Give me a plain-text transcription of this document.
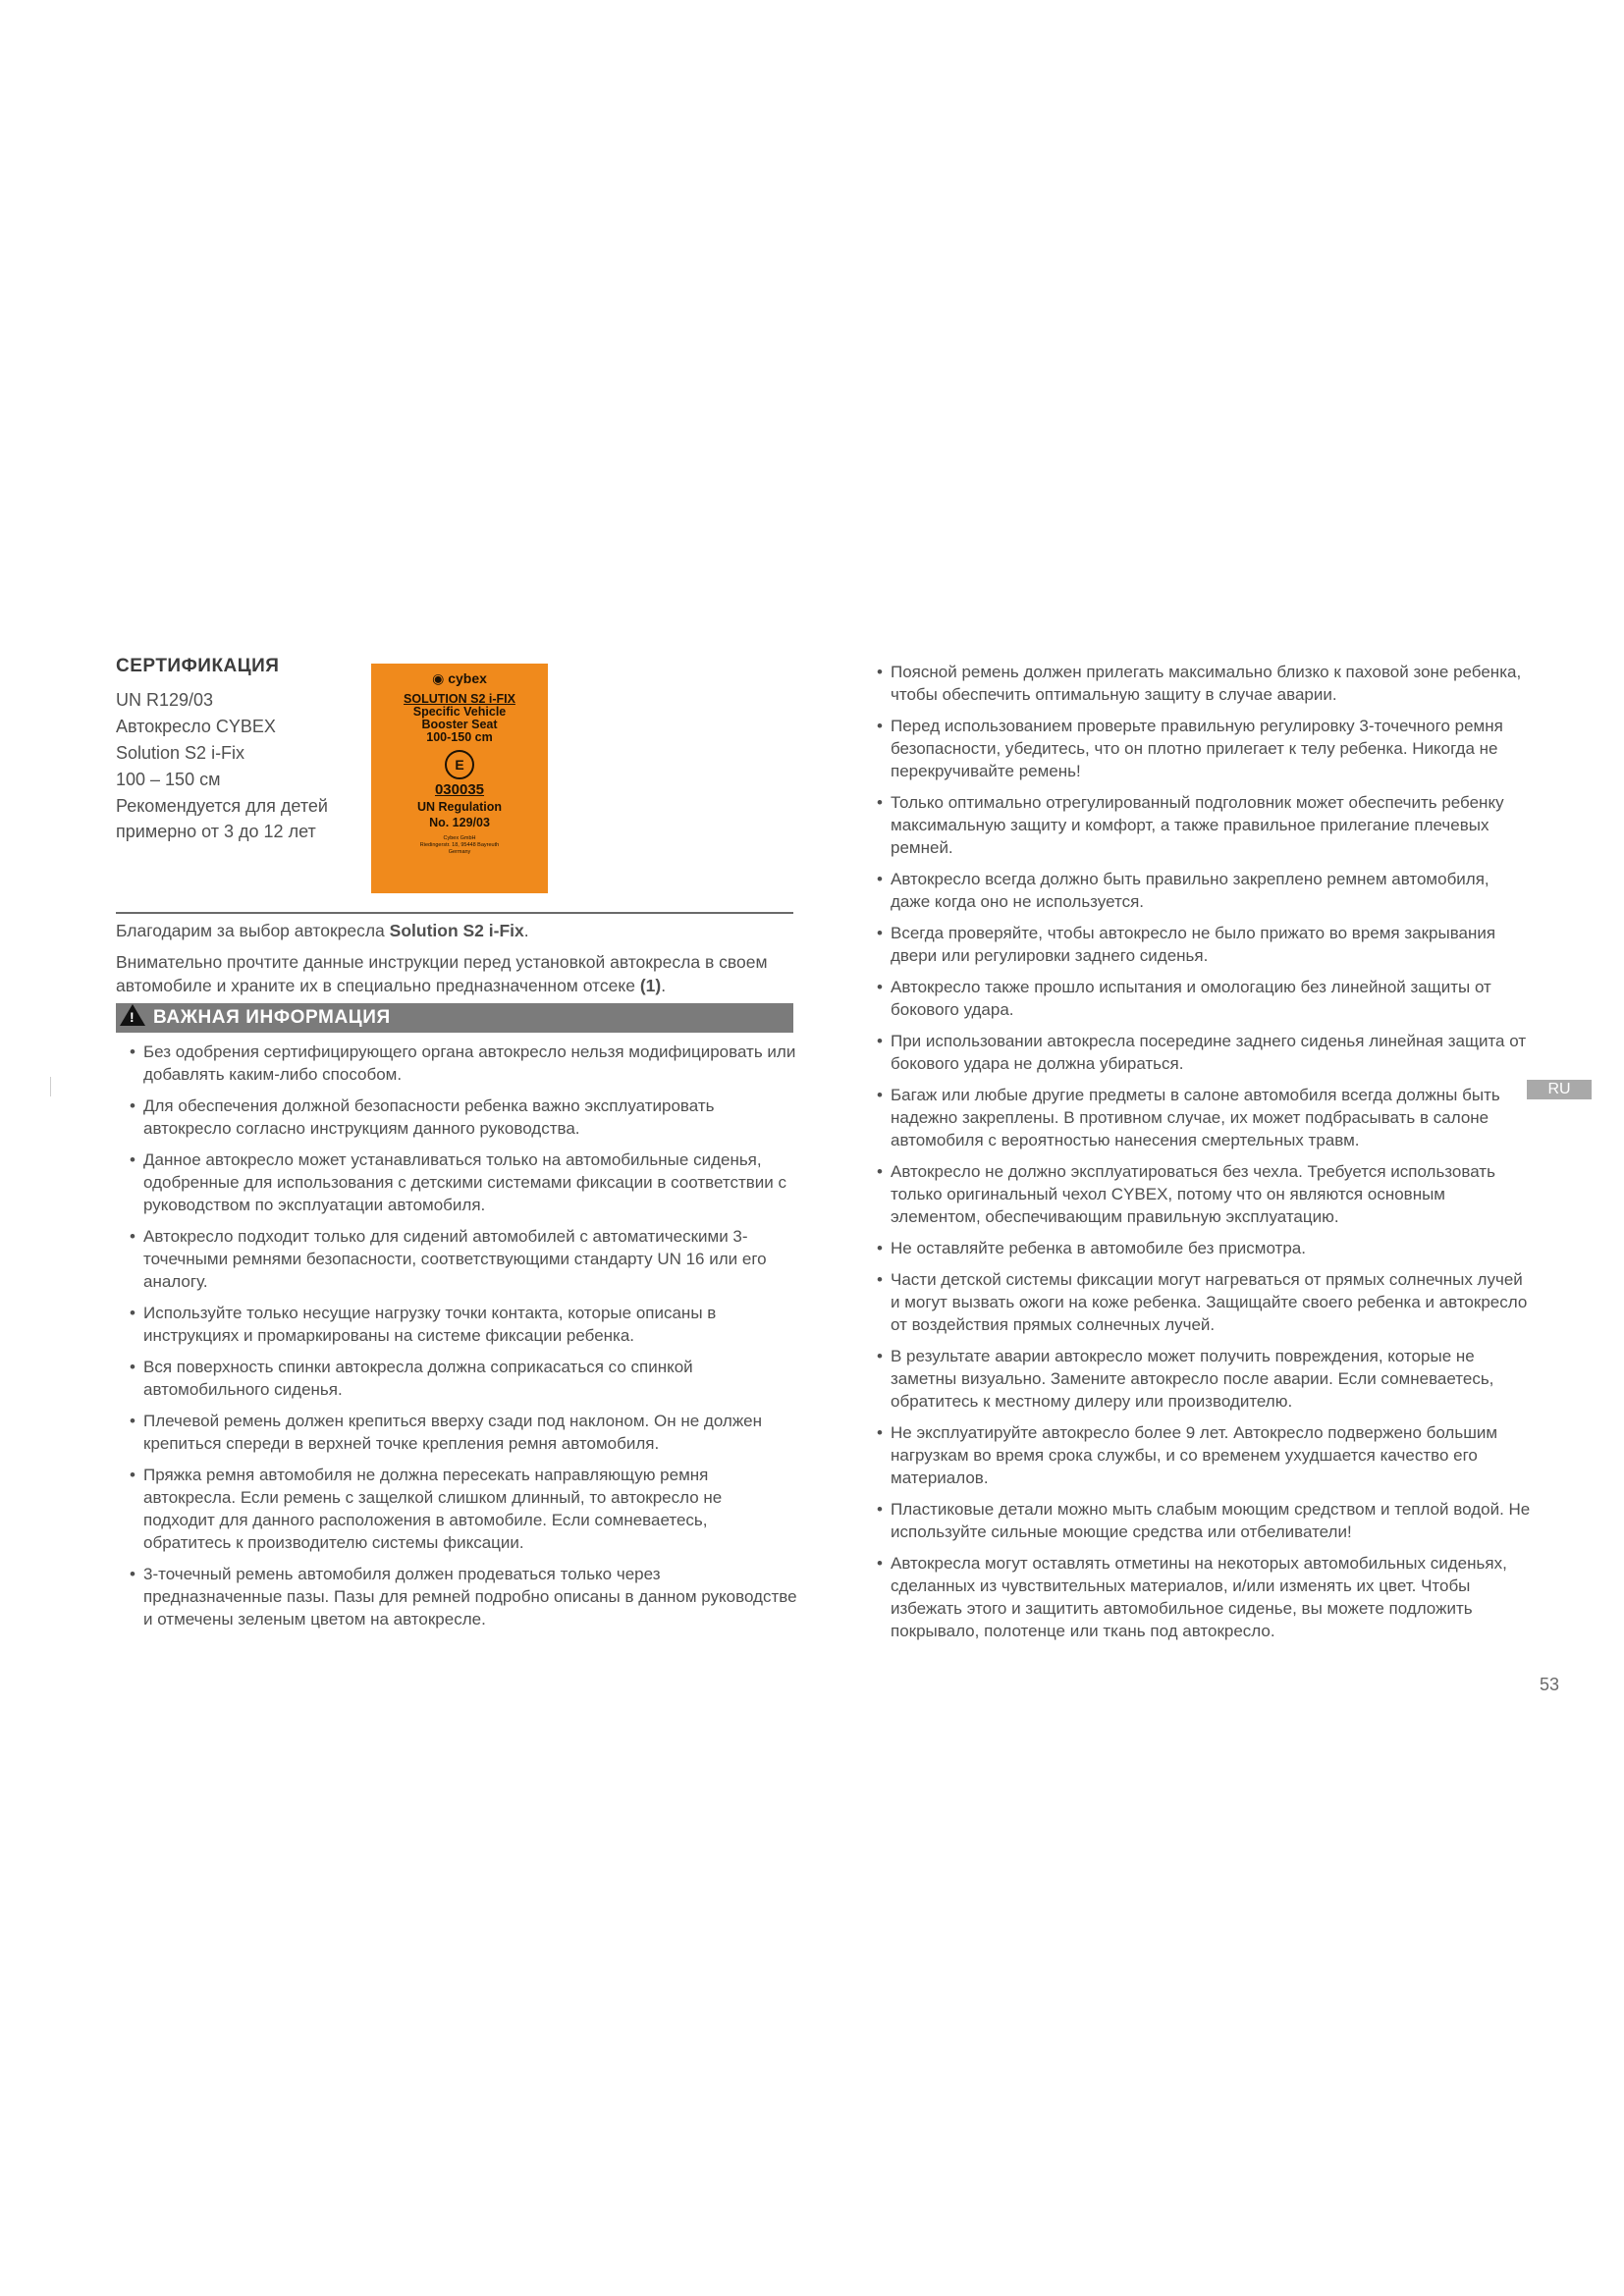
СЕРТИФИКАЦИЯ
UN R129/03
Автокресло CYBEX
Solution S2 i-Fix
100 – 150 см
Рекомендуется для детей
примерно от 3 до 12 лет
◉ cybex
SOLUTION S2 i-FIX
Specific Vehicle
Booster Seat
100-150 cm
E
030035
UN Regulation
No. 129/03
Cybex GmbH
Riedingerstr. 18, 95448 Bayreuth
Germany

Благодарим за выбор автокресла Solution S2 i-Fix.

Внимательно прочтите данные инструкции перед установкой автокресла в своем автомобиле и храните их в специально предназначенном отсеке (1).

! ВАЖНАЯ ИНФОРМАЦИЯ
• Без одобрения сертифицирующего органа автокресло нельзя модифицировать или добавлять каким-либо способом.
• Для обеспечения должной безопасности ребенка важно эксплуатировать автокресло согласно инструкциям данного руководства.
• Данное автокресло может устанавливаться только на автомобильные сиденья, одобренные для использования с детскими системами фиксации в соответствии с руководством по эксплуатации автомобиля.
• Автокресло подходит только для сидений автомобилей с автоматическими 3-точечными ремнями безопасности, соответствующими стандарту UN 16 или его аналогу.
• Используйте только несущие нагрузку точки контакта, которые описаны в инструкциях и промаркированы на системе фиксации ребенка.
• Вся поверхность спинки автокресла должна соприкасаться со спинкой автомобильного сиденья.
• Плечевой ремень должен крепиться вверху сзади под наклоном. Он не должен крепиться спереди в верхней точке крепления ремня автомобиля.
• Пряжка ремня автомобиля не должна пересекать направляющую ремня автокресла. Если ремень с защелкой слишком длинный, то автокресло не подходит для данного расположения в автомобиле. Если сомневаетесь, обратитесь к производителю системы фиксации.
• 3-точечный ремень автомобиля должен продеваться только через предназначенные пазы. Пазы для ремней подробно описаны в данном руководстве и отмечены зеленым цветом на автокресле.
• Поясной ремень должен прилегать максимально близко к паховой зоне ребенка, чтобы обеспечить оптимальную защиту в случае аварии.
• Перед использованием проверьте правильную регулировку 3-точечного ремня безопасности, убедитесь, что он плотно прилегает к телу ребенка. Никогда не перекручивайте ремень!
• Только оптимально отрегулированный подголовник может обеспечить ребенку максимальную защиту и комфорт, а также правильное прилегание плечевых ремней.
• Автокресло всегда должно быть правильно закреплено ремнем автомобиля, даже когда оно не используется.
• Всегда проверяйте, чтобы автокресло не было прижато во время закрывания двери или регулировки заднего сиденья.
• Автокресло также прошло испытания и омологацию без линейной защиты от бокового удара.
• При использовании автокресла посередине заднего сиденья линейная защита от бокового удара не должна убираться.
• Багаж или любые другие предметы в салоне автомобиля всегда должны быть надежно закреплены. В противном случае, их может подбрасывать в салоне автомобиля с вероятностью нанесения смертельных травм.
• Автокресло не должно эксплуатироваться без чехла. Требуется использовать только оригинальный чехол CYBEX, потому что он являются основным элементом, обеспечивающим правильную эксплуатацию.
• Не оставляйте ребенка в автомобиле без присмотра.
• Части детской системы фиксации могут нагреваться от прямых солнечных лучей и могут вызвать ожоги на коже ребенка. Защищайте своего ребенка и автокресло от воздействия прямых солнечных лучей.
• В результате аварии автокресло может получить повреждения, которые не заметны визуально. Замените автокресло после аварии. Если сомневаетесь, обратитесь к местному дилеру или производителю.
• Не эксплуатируйте автокресло более 9 лет. Автокресло подвержено большим нагрузкам во время срока службы, и со временем ухудшается качество его материалов.
• Пластиковые детали можно мыть слабым моющим средством и теплой водой. Не используйте сильные моющие средства или отбеливатели!
• Автокресла могут оставлять отметины на некоторых автомобильных сиденьях, сделанных из чувствительных материалов, и/или изменять их цвет. Чтобы избежать этого и защитить автомобильное сиденье, вы можете подложить покрывало, полотенце или ткань под автокресло.
RU
53
